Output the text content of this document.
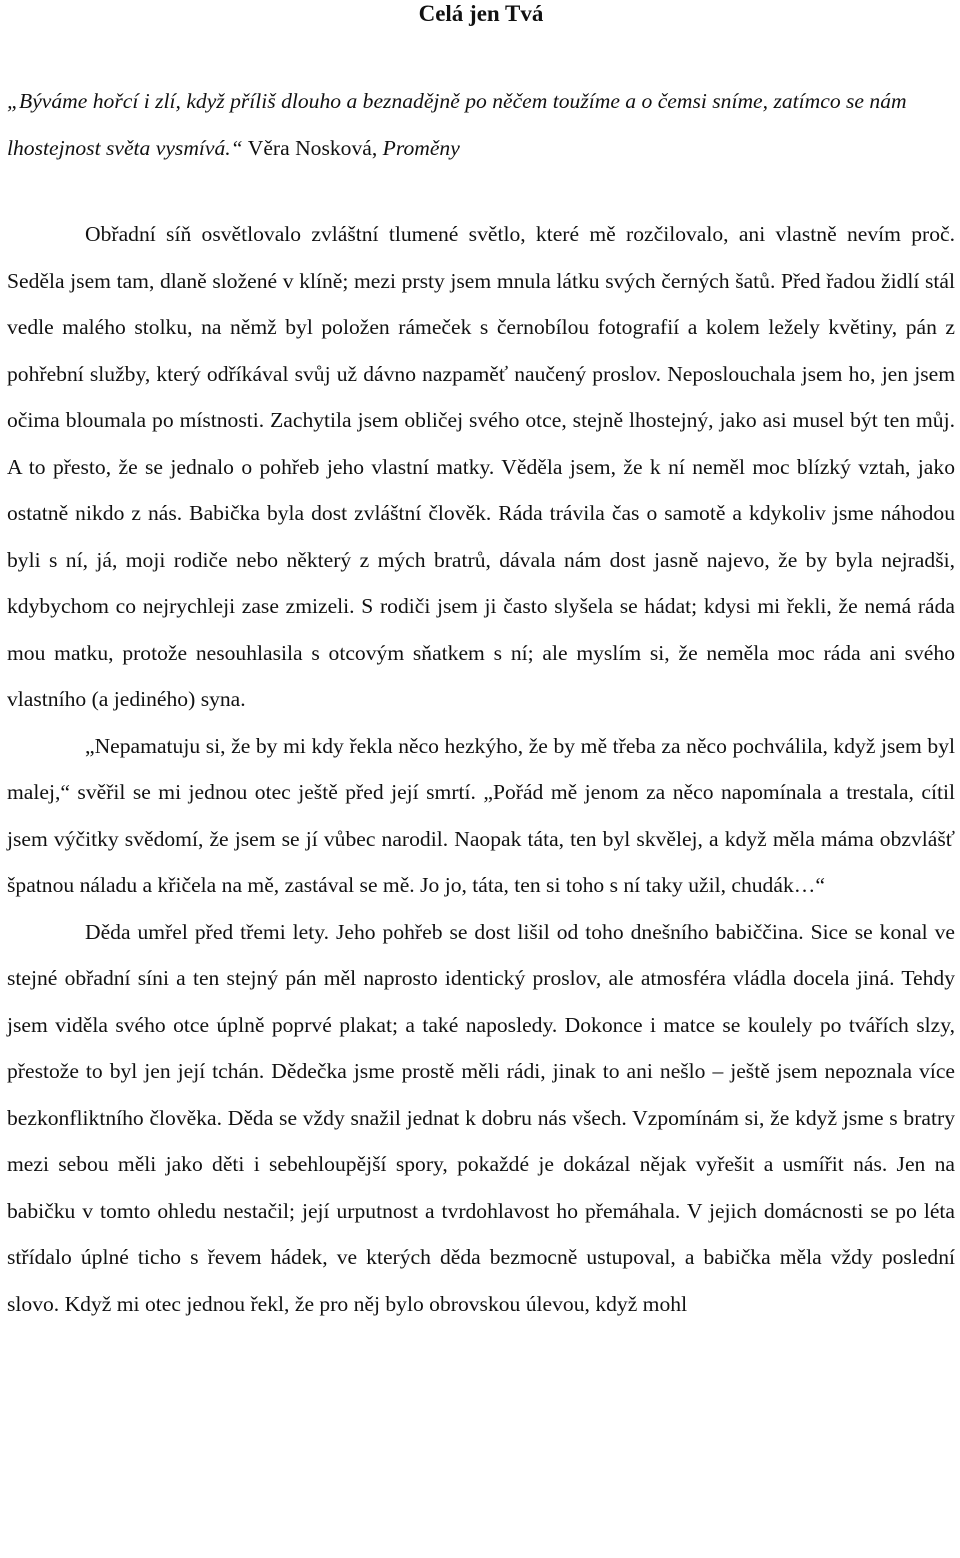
Celá jen Tvá

„Býváme hořcí i zlí, když příliš dlouho a beznadějně po něčem toužíme a o čemsi sníme, zatímco se nám lhostejnost světa vysmívá.“ Věra Nosková, Proměny

Obřadní síň osvětlovalo zvláštní tlumené světlo, které mě rozčilovalo, ani vlastně nevím proč. Seděla jsem tam, dlaně složené v klíně; mezi prsty jsem mnula látku svých černých šatů. Před řadou židlí stál vedle malého stolku, na němž byl položen rámeček s černobílou fotografií a kolem ležely květiny, pán z pohřební služby, který odříkával svůj už dávno nazpaměť naučený proslov. Neposlouchala jsem ho, jen jsem očima bloumala po místnosti. Zachytila jsem obličej svého otce, stejně lhostejný, jako asi musel být ten můj. A to přesto, že se jednalo o pohřeb jeho vlastní matky. Věděla jsem, že k ní neměl moc blízký vztah, jako ostatně nikdo z nás. Babička byla dost zvláštní člověk. Ráda trávila čas o samotě a kdykoliv jsme náhodou byli s ní, já, moji rodiče nebo některý z mých bratrů, dávala nám dost jasně najevo, že by byla nejradši, kdybychom co nejrychleji zase zmizeli. S rodiči jsem ji často slyšela se hádat; kdysi mi řekli, že nemá ráda mou matku, protože nesouhlasila s otcovým sňatkem s ní; ale myslím si, že neměla moc ráda ani svého vlastního (a jediného) syna.

„Nepamatuju si, že by mi kdy řekla něco hezkýho, že by mě třeba za něco pochválila, když jsem byl malej,“ svěřil se mi jednou otec ještě před její smrtí. „Pořád mě jenom za něco napomínala a trestala, cítil jsem výčitky svědomí, že jsem se jí vůbec narodil. Naopak táta, ten byl skvělej, a když měla máma obzvlášť špatnou náladu a křičela na mě, zastával se mě. Jo jo, táta, ten si toho s ní taky užil, chudák…“

Děda umřel před třemi lety. Jeho pohřeb se dost lišil od toho dnešního babiččina. Sice se konal ve stejné obřadní síni a ten stejný pán měl naprosto identický proslov, ale atmosféra vládla docela jiná. Tehdy jsem viděla svého otce úplně poprvé plakat; a také naposledy. Dokonce i matce se koulely po tvářích slzy, přestože to byl jen její tchán. Dědečka jsme prostě měli rádi, jinak to ani nešlo – ještě jsem nepoznala více bezkonfliktního člověka. Děda se vždy snažil jednat k dobru nás všech. Vzpomínám si, že když jsme s bratry mezi sebou měli jako děti i sebehloupější spory, pokaždé je dokázal nějak vyřešit a usmířit nás. Jen na babičku v tomto ohledu nestačil; její urputnost a tvrdohlavost ho přemáhala. V jejich domácnosti se po léta střídalo úplné ticho s řevem hádek, ve kterých děda bezmocně ustupoval, a babička měla vždy poslední slovo. Když mi otec jednou řekl, že pro něj bylo obrovskou úlevou, když mohl
